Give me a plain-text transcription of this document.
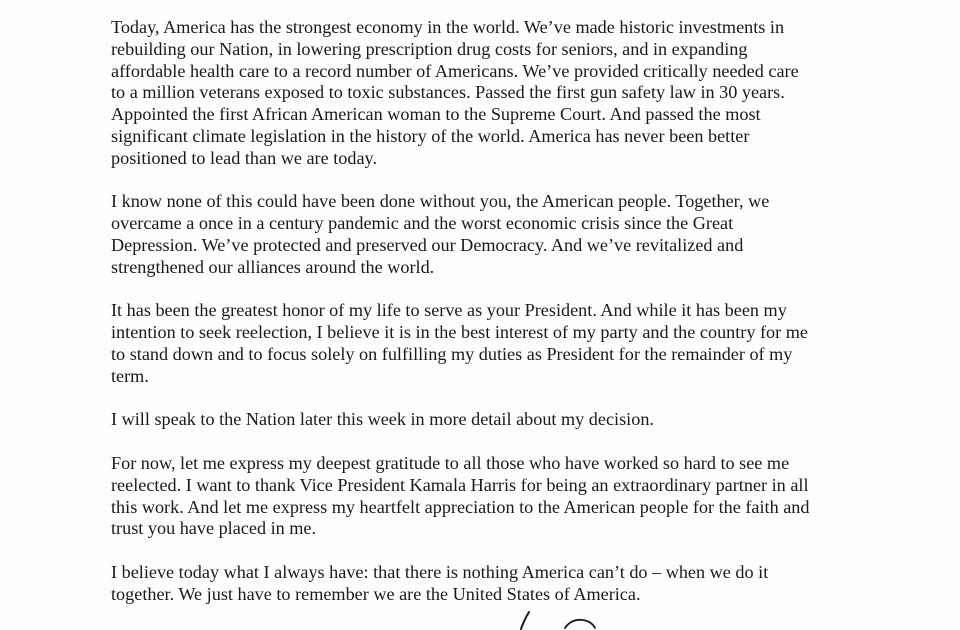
Today, America has the strongest economy in the world. We’ve made historic investments in
rebuilding our Nation, in lowering prescription drug costs for seniors, and in expanding
affordable health care to a record number of Americans. We’ve provided critically needed care
to a million veterans exposed to toxic substances. Passed the first gun safety law in 30 years.
Appointed the first African American woman to the Supreme Court. And passed the most
significant climate legislation in the history of the world. America has never been better
positioned to lead than we are today.

I know none of this could have been done without you, the American people. Together, we
overcame a once in a century pandemic and the worst economic crisis since the Great
Depression. We’ve protected and preserved our Democracy. And we’ve revitalized and
strengthened our alliances around the world.

It has been the greatest honor of my life to serve as your President. And while it has been my
intention to seek reelection, I believe it is in the best interest of my party and the country for me
to stand down and to focus solely on fulfilling my duties as President for the remainder of my
term.

I will speak to the Nation later this week in more detail about my decision.

For now, let me express my deepest gratitude to all those who have worked so hard to see me
reelected. I want to thank Vice President Kamala Harris for being an extraordinary partner in all
this work. And let me express my heartfelt appreciation to the American people for the faith and
trust you have placed in me.

I believe today what I always have: that there is nothing America can’t do – when we do it
together. We just have to remember we are the United States of America.
